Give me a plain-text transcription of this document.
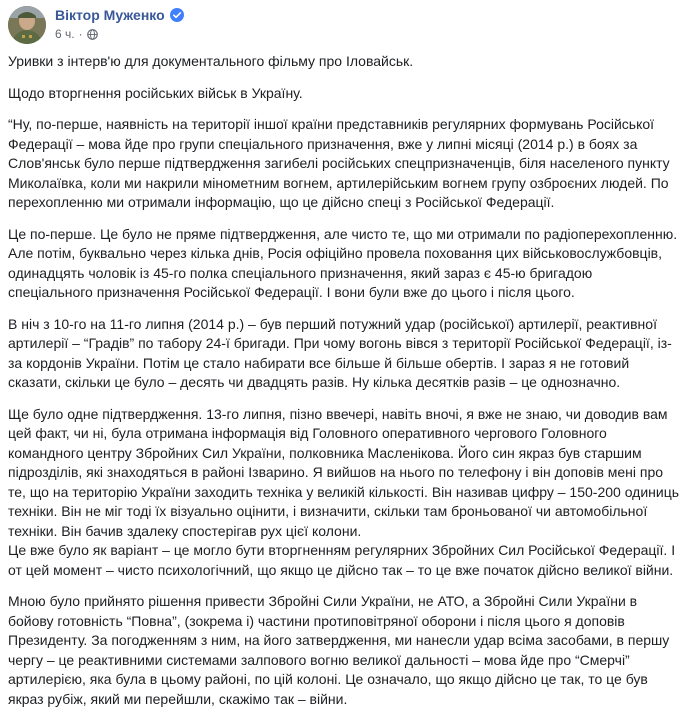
Віктор Муженко
6 ч. ·

Уривки з інтерв'ю для документального фільму про Іловайськ.

Щодо вторгнення російських військ в Україну.

“Ну, по-перше, наявність на території іншої країни представників регулярних формувань Російської Федерації – мова йде про групи спеціального призначення, вже у липні місяці (2014 р.) в боях за Слов'янськ було перше підтвердження загибелі російських спецпризначенців, біля населеного пункту Миколаївка, коли ми накрили мінометним вогнем, артилерійським вогнем групу озброєних людей. По перехопленню ми отримали інформацію, що це дійсно спеці з Російської Федерації.

Це по-перше. Це було не пряме підтвердження, але чисто те, що ми отримали по радіоперехопленню. Але потім, буквально через кілька днів, Росія офіційно провела поховання цих військовослужбовців, одинадцять чоловік із 45-го полка спеціального призначення, який зараз є 45-ю бригадою спеціального призначення Російської Федерації. І вони були вже до цього і після цього.

В ніч з 10-го на 11-го липня (2014 р.) – був перший потужний удар (російської) артилерії, реактивної артилерії – “Градів” по табору 24-ї бригади. При чому вогонь вівся з території Російської Федерації, із-за кордонів України. Потім це стало набирати все більше й більше обертів. І зараз я не готовий сказати, скільки це було – десять чи двадцять разів. Ну кілька десятків разів – це однозначно.

Ще було одне підтвердження. 13-го липня, пізно ввечері, навіть вночі, я вже не знаю, чи доводив вам цей факт, чи ні, була отримана інформація від Головного оперативного чергового Головного командного центру Збройних Сил України, полковника Масленікова. Його син якраз був старшим підрозділів, які знаходяться в районі Ізварино. Я вийшов на нього по телефону і він доповів мені про те, що на територію України заходить техніка у великій кількості. Він називав цифру – 150-200 одиниць техніки. Він не міг тоді їх візуально оцінити, і визначити, скільки там броньованої чи автомобільної техніки. Він бачив здалеку спостерігав рух цієї колони.

Це вже було як варіант – це могло бути вторгненням регулярних Збройних Сил Російської Федерації. І от цей момент – чисто психологічний, що якщо це дійсно так – то це вже початок дійсно великої війни.

Мною було прийнято рішення привести Збройні Сили України, не АТО, а Збройні Сили України в бойову готовність “Повна”, (зокрема і) частини протиповітряної оборони і після цього я доповів Президенту. За погодженням з ним, на його затвердження, ми нанесли удар всіма засобами, в першу чергу – це реактивними системами залпового вогню великої дальності – мова йде про “Смерчі” артилерією, яка була в цьому районі, по цій колоні. Це означало, що якщо дійсно це так, то це був якраз рубіж, який ми перейшли, скажімо так – війни.
